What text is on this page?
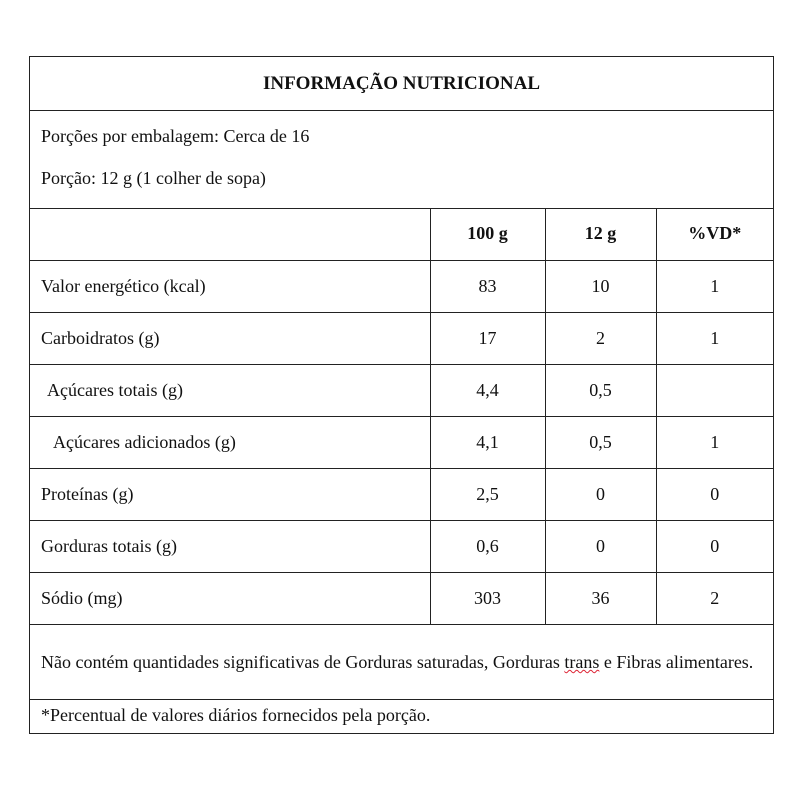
INFORMAÇÃO NUTRICIONAL
Porções por embalagem: Cerca de 16
Porção: 12 g (1 colher de sopa)
	100 g	12 g	%VD*
Valor energético (kcal)	83	10	1
Carboidratos (g)	17	2	1
Açúcares totais (g)	4,4	0,5	
Açúcares adicionados (g)	4,1	0,5	1
Proteínas (g)	2,5	0	0
Gorduras totais (g)	0,6	0	0
Sódio (mg)	303	36	2
Não contém quantidades significativas de Gorduras saturadas, Gorduras trans e Fibras alimentares.
*Percentual de valores diários fornecidos pela porção.
